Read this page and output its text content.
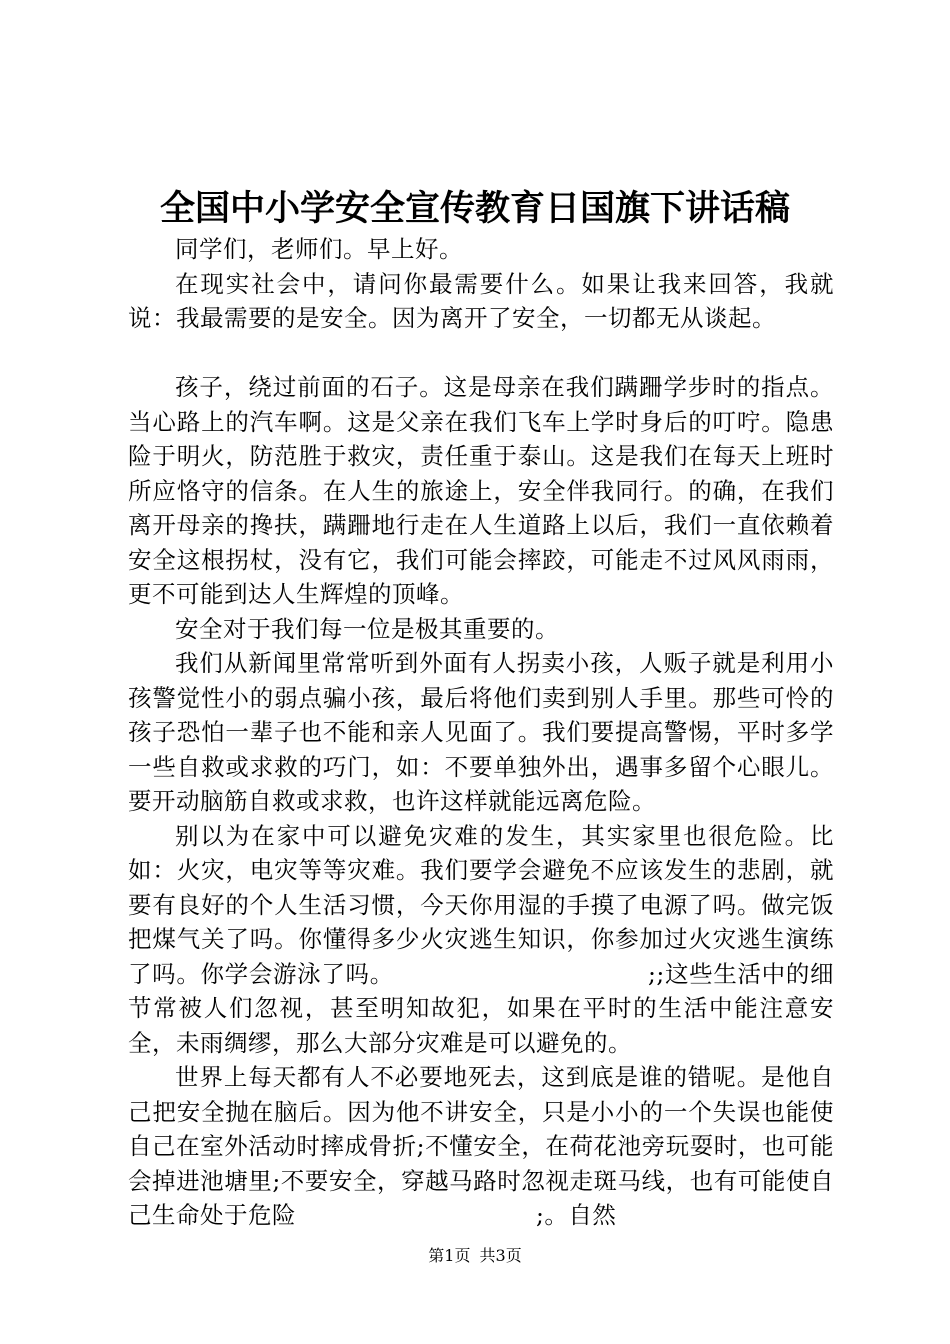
全国中小学安全宣传教育日国旗下讲话稿

同学们，老师们。早上好。

在现实社会中，请问你最需要什么。如果让我来回答，我就说：我最需要的是安全。因为离开了安全，一切都无从谈起。

孩子，绕过前面的石子。这是母亲在我们蹒跚学步时的指点。当心路上的汽车啊。这是父亲在我们飞车上学时身后的叮咛。隐患险于明火，防范胜于救灾，责任重于泰山。这是我们在每天上班时所应恪守的信条。在人生的旅途上，安全伴我同行。的确，在我们离开母亲的搀扶，蹒跚地行走在人生道路上以后，我们一直依赖着安全这根拐杖，没有它，我们可能会摔跤，可能走不过风风雨雨，更不可能到达人生辉煌的顶峰。

安全对于我们每一位是极其重要的。

我们从新闻里常常听到外面有人拐卖小孩，人贩子就是利用小孩警觉性小的弱点骗小孩，最后将他们卖到别人手里。那些可怜的孩子恐怕一辈子也不能和亲人见面了。我们要提高警惕，平时多学一些自救或求救的巧门，如：不要单独外出，遇事多留个心眼儿。要开动脑筋自救或求救，也许这样就能远离危险。

别以为在家中可以避免灾难的发生，其实家里也很危险。比如：火灾，电灾等等灾难。我们要学会避免不应该发生的悲剧，就要有良好的个人生活习惯，今天你用湿的手摸了电源了吗。做完饭把煤气关了吗。你懂得多少火灾逃生知识，你参加过火灾逃生演练了吗。你学会游泳了吗。　　　　　　　　　　　;;这些生活中的细节常被人们忽视，甚至明知故犯，如果在平时的生活中能注意安全，未雨绸缪，那么大部分灾难是可以避免的。

世界上每天都有人不必要地死去，这到底是谁的错呢。是他自己把安全抛在脑后。因为他不讲安全，只是小小的一个失误也能使自己在室外活动时摔成骨折;不懂安全，在荷花池旁玩耍时，也可能会掉进池塘里;不要安全，穿越马路时忽视走斑马线，也有可能使自己生命处于危险　　　　　　　　　　;。自然

第1页 共3页
